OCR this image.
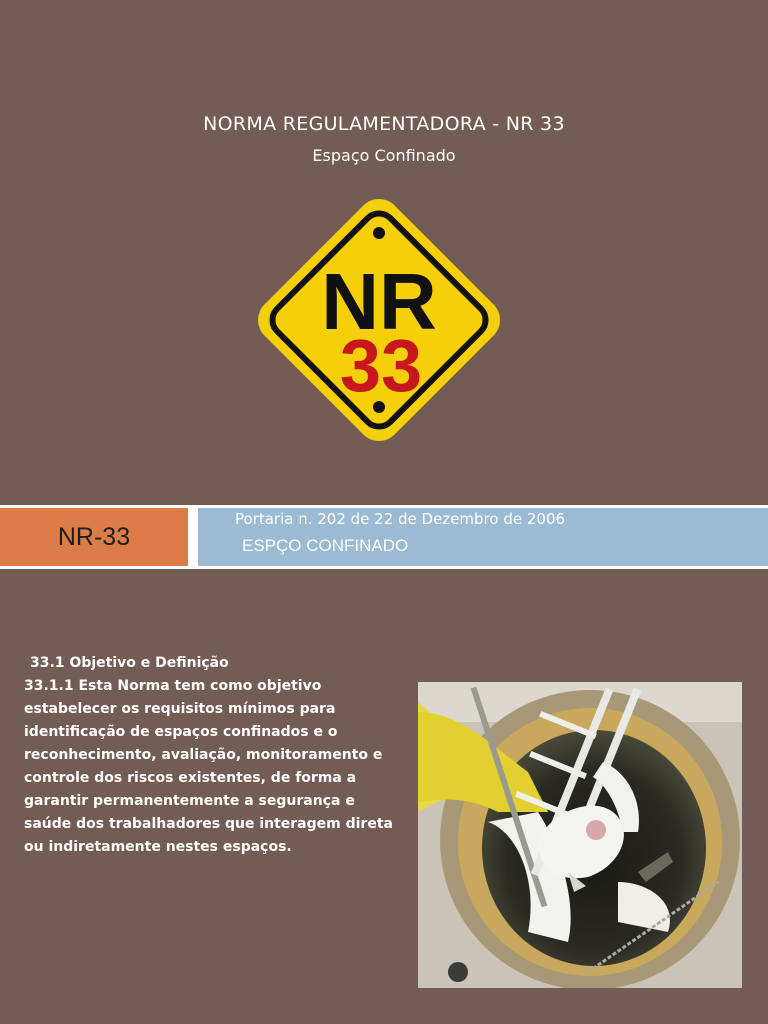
NORMA REGULAMENTADORA - NR 33
Espaço Confinado
NR
33
NR-33
Portaria n. 202 de 22 de Dezembro de 2006
ESPÇO CONFINADO
33.1 Objetivo e Definição
33.1.1 Esta Norma tem como objetivo estabelecer os requisitos mínimos para identificação de espaços confinados e o reconhecimento, avaliação, monitoramento e controle dos riscos existentes, de forma a garantir permanentemente a segurança e saúde dos trabalhadores que interagem direta ou indiretamente nestes espaços.
